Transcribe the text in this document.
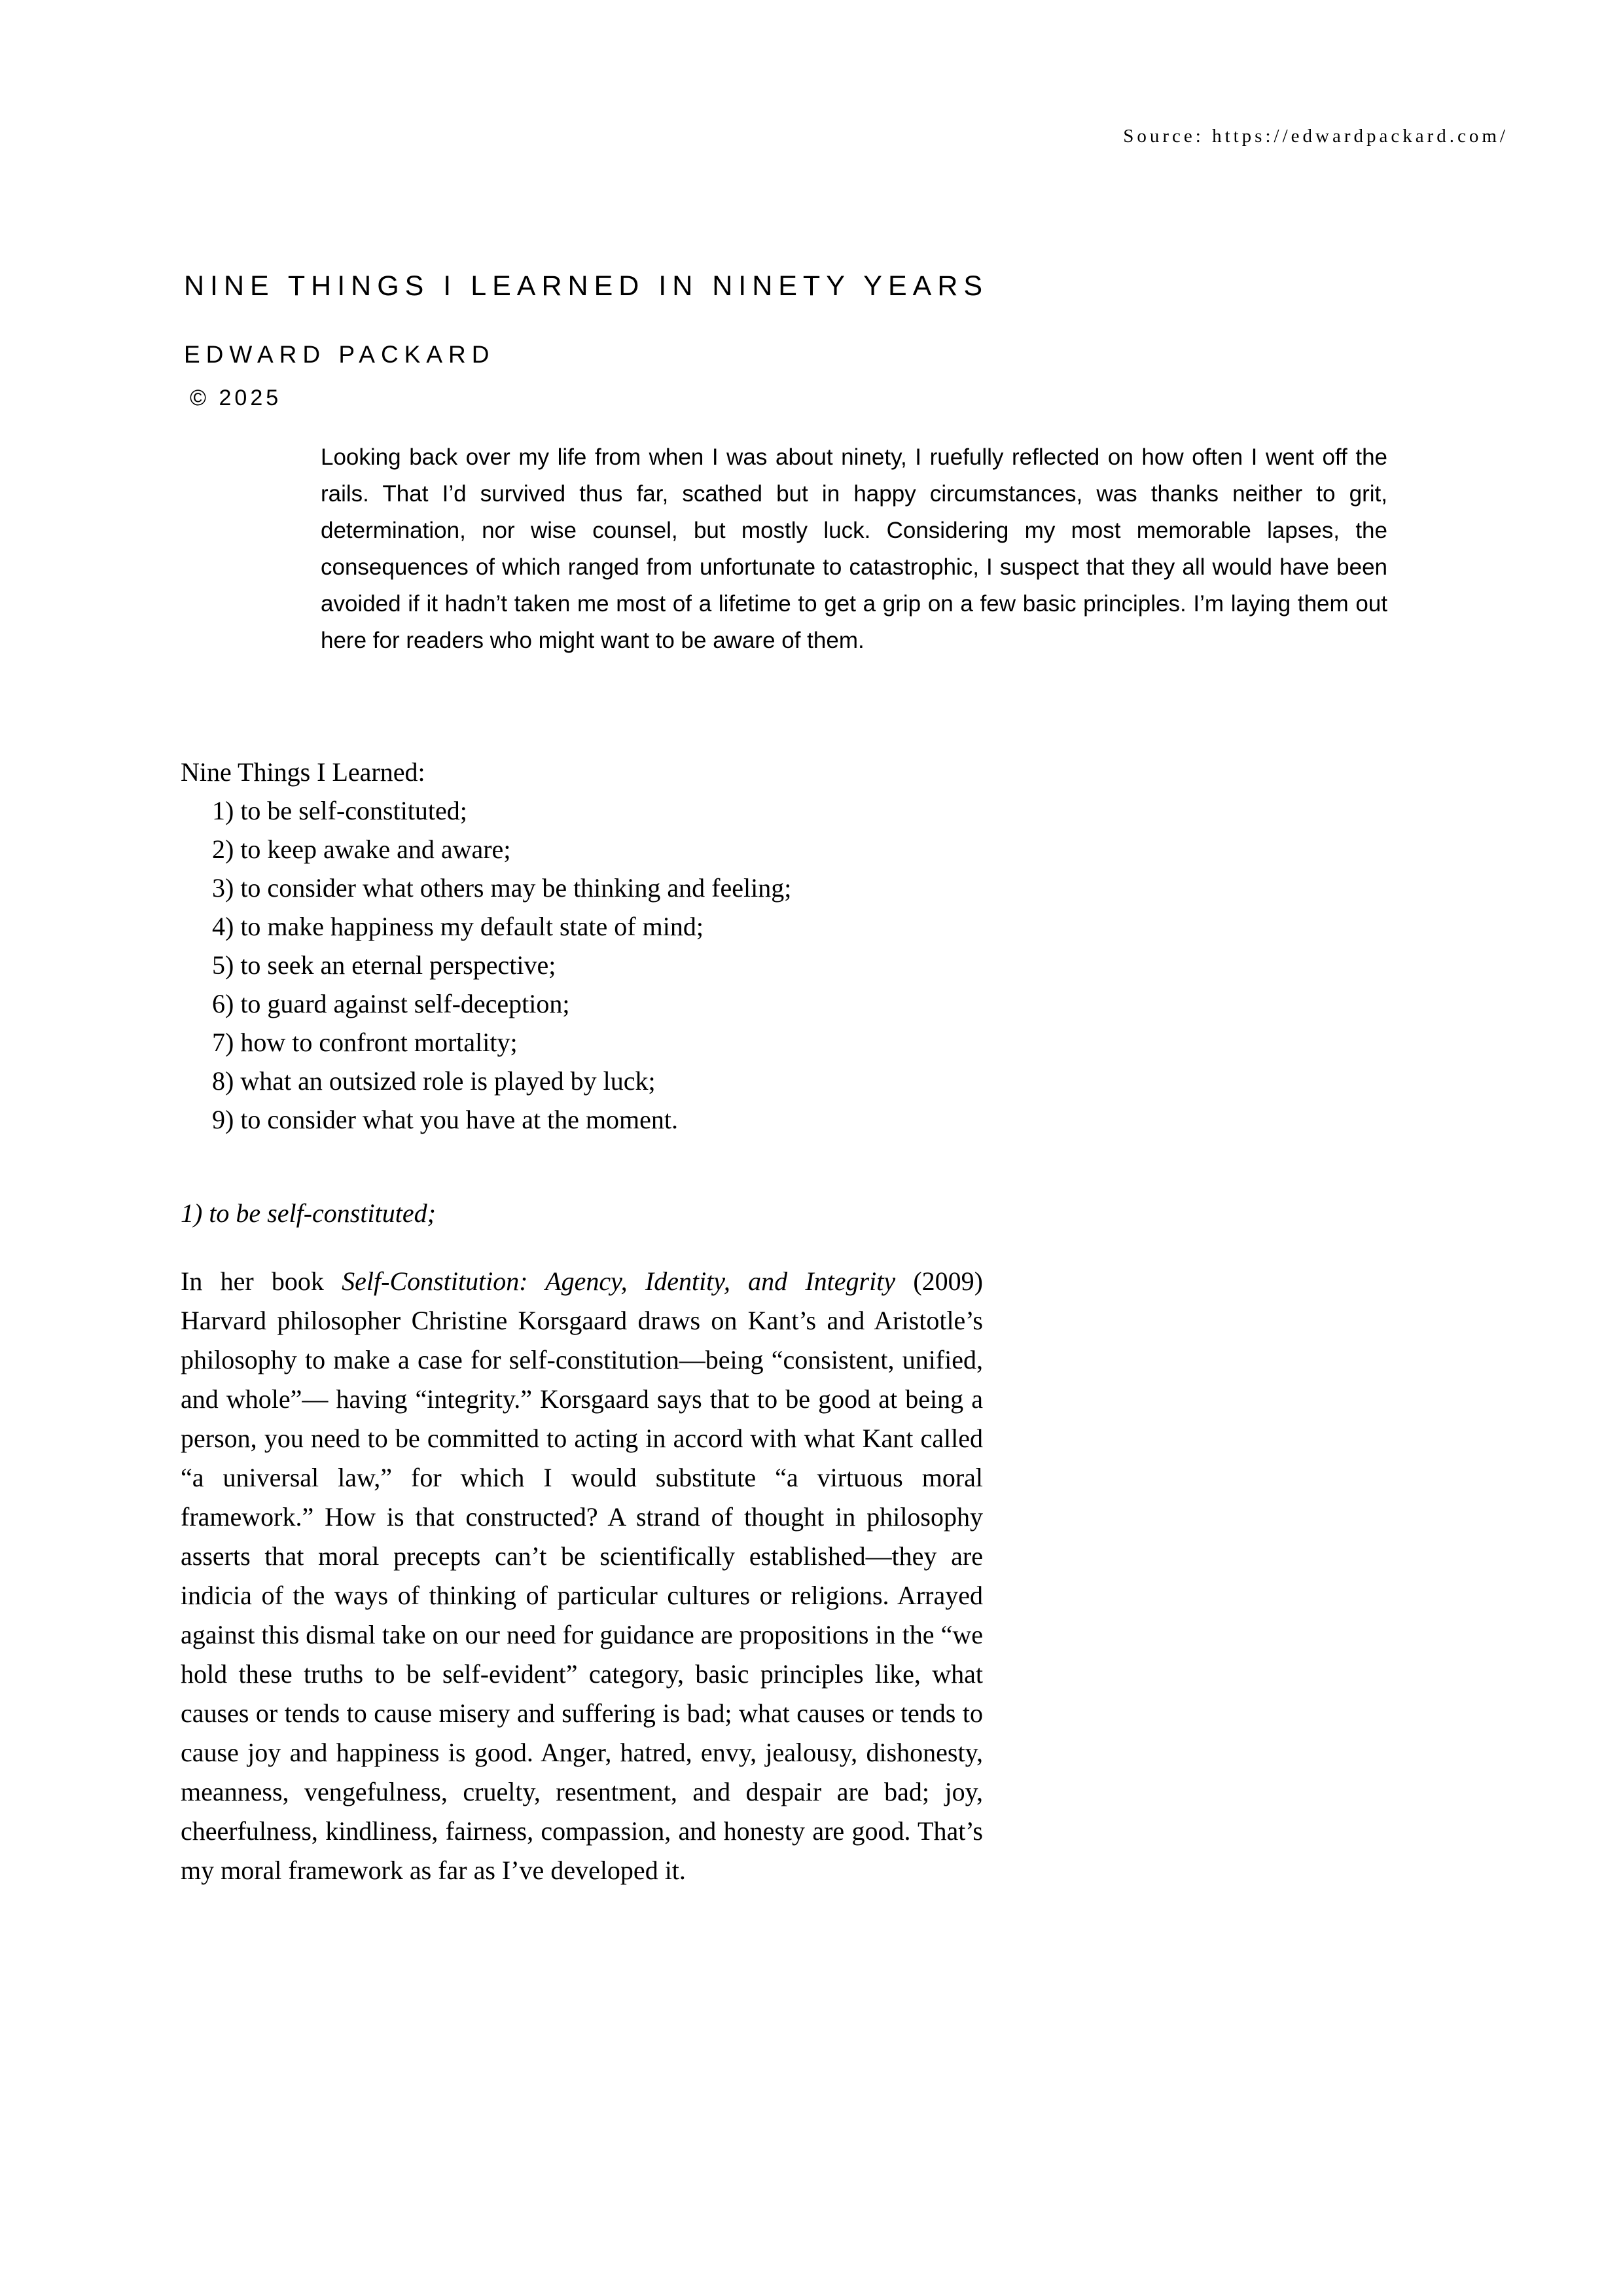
Source: https://edwardpackard.com/
NINE THINGS I LEARNED IN NINETY YEARS
EDWARD PACKARD
© 2025

Looking back over my life from when I was about ninety, I ruefully reflected on how often I went off the rails. That I’d survived thus far, scathed but in happy circumstances, was thanks neither to grit, determination, nor wise counsel, but mostly luck. Considering my most memorable lapses, the consequences of which ranged from unfortunate to catastrophic, I suspect that they all would have been avoided if it hadn’t taken me most of a lifetime to get a grip on a few basic principles. I’m laying them out here for readers who might want to be aware of them.

Nine Things I Learned:
1) to be self-constituted;
2) to keep awake and aware;
3) to consider what others may be thinking and feeling;
4) to make happiness my default state of mind;
5) to seek an eternal perspective;
6) to guard against self-deception;
7) how to confront mortality;
8) what an outsized role is played by luck;
9) to consider what you have at the moment.
1) to be self-constituted;

In her book Self-Constitution: Agency, Identity, and Integrity (2009) Harvard philosopher Christine Korsgaard draws on Kant’s and Aristotle’s philosophy to make a case for self-constitution—being “consistent, unified, and whole”— having “integrity.” Korsgaard says that to be good at being a person, you need to be committed to acting in accord with what Kant called “a universal law,” for which I would substitute “a virtuous moral framework.” How is that constructed? A strand of thought in philosophy asserts that moral precepts can’t be scientifically established—they are indicia of the ways of thinking of particular cultures or religions. Arrayed against this dismal take on our need for guidance are propositions in the “we hold these truths to be self-evident” category, basic principles like, what causes or tends to cause misery and suffering is bad; what causes or tends to cause joy and happiness is good. Anger, hatred, envy, jealousy, dishonesty, meanness, vengefulness, cruelty, resentment, and despair are bad; joy, cheerfulness, kindliness, fairness, compassion, and honesty are good. That’s my moral framework as far as I’ve developed it.
